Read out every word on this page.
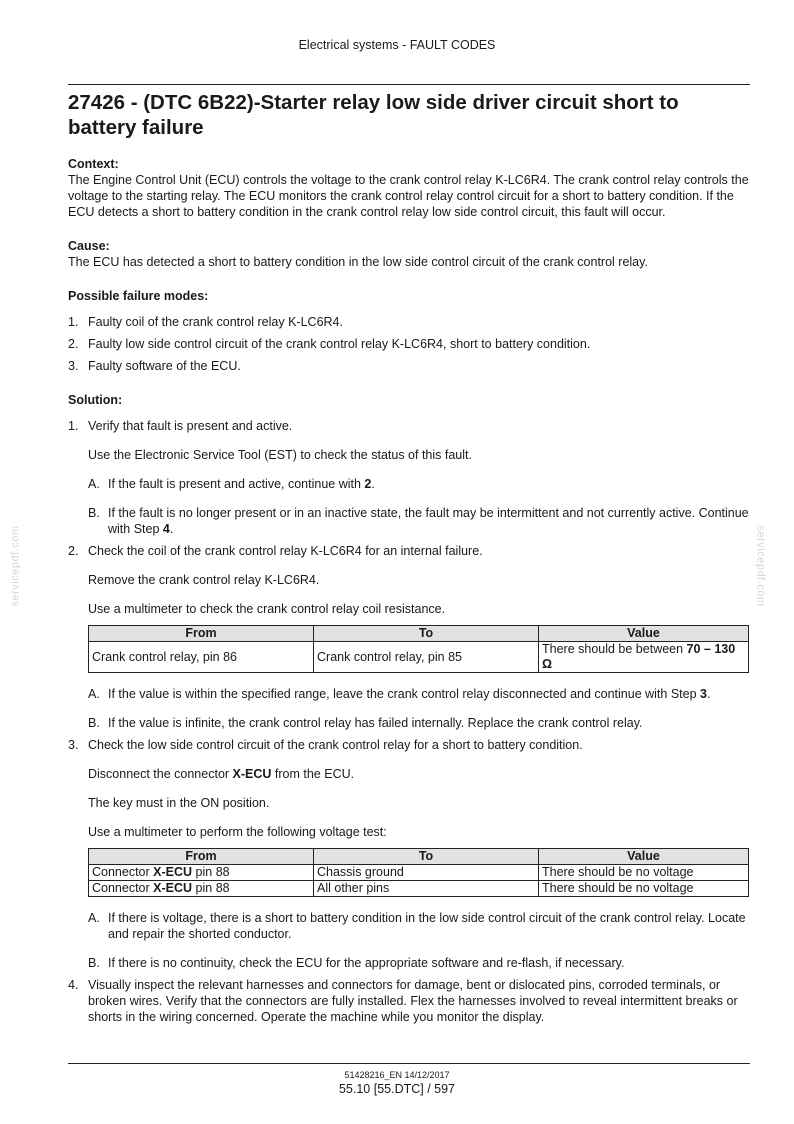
Electrical systems - FAULT CODES
27426 - (DTC 6B22)-Starter relay low side driver circuit short to battery failure
servicepdf.com	servicepdf.com

Context:

The Engine Control Unit (ECU) controls the voltage to the crank control relay K-LC6R4. The crank control relay controls the voltage to the starting relay. The ECU monitors the crank control relay control circuit for a short to battery condition. If the ECU detects a short to battery condition in the crank control relay low side control circuit, this fault will occur.

Cause:

The ECU has detected a short to battery condition in the low side control circuit of the crank control relay.

Possible failure modes:

1. Faulty coil of the crank control relay K-LC6R4.
2. Faulty low side control circuit of the crank control relay K-LC6R4, short to battery condition.
3. Faulty software of the ECU.

Solution:

1. Verify that fault is present and active.

Use the Electronic Service Tool (EST) to check the status of this fault.

A. If the fault is present and active, continue with 2.
B. If the fault is no longer present or in an inactive state, the fault may be intermittent and not currently active. Continue with Step 4.
2. Check the coil of the crank control relay K-LC6R4 for an internal failure.

Remove the crank control relay K-LC6R4.

Use a multimeter to check the crank control relay coil resistance.

From	To	Value
Crank control relay, pin 86	Crank control relay, pin 85	There should be between 70 – 130 Ω
A. If the value is within the specified range, leave the crank control relay disconnected and continue with Step 3.
B. If the value is infinite, the crank control relay has failed internally. Replace the crank control relay.
3. Check the low side control circuit of the crank control relay for a short to battery condition.

Disconnect the connector X-ECU from the ECU.

The key must in the ON position.

Use a multimeter to perform the following voltage test:

From	To	Value
Connector X-ECU pin 88	Chassis ground	There should be no voltage
Connector X-ECU pin 88	All other pins	There should be no voltage
A. If there is voltage, there is a short to battery condition in the low side control circuit of the crank control relay. Locate and repair the shorted conductor.
B. If there is no continuity, check the ECU for the appropriate software and re-flash, if necessary.
4. Visually inspect the relevant harnesses and connectors for damage, bent or dislocated pins, corroded terminals, or broken wires. Verify that the connectors are fully installed. Flex the harnesses involved to reveal intermittent breaks or shorts in the wiring concerned. Operate the machine while you monitor the display.
51428216_EN 14/12/2017
55.10 [55.DTC] / 597
